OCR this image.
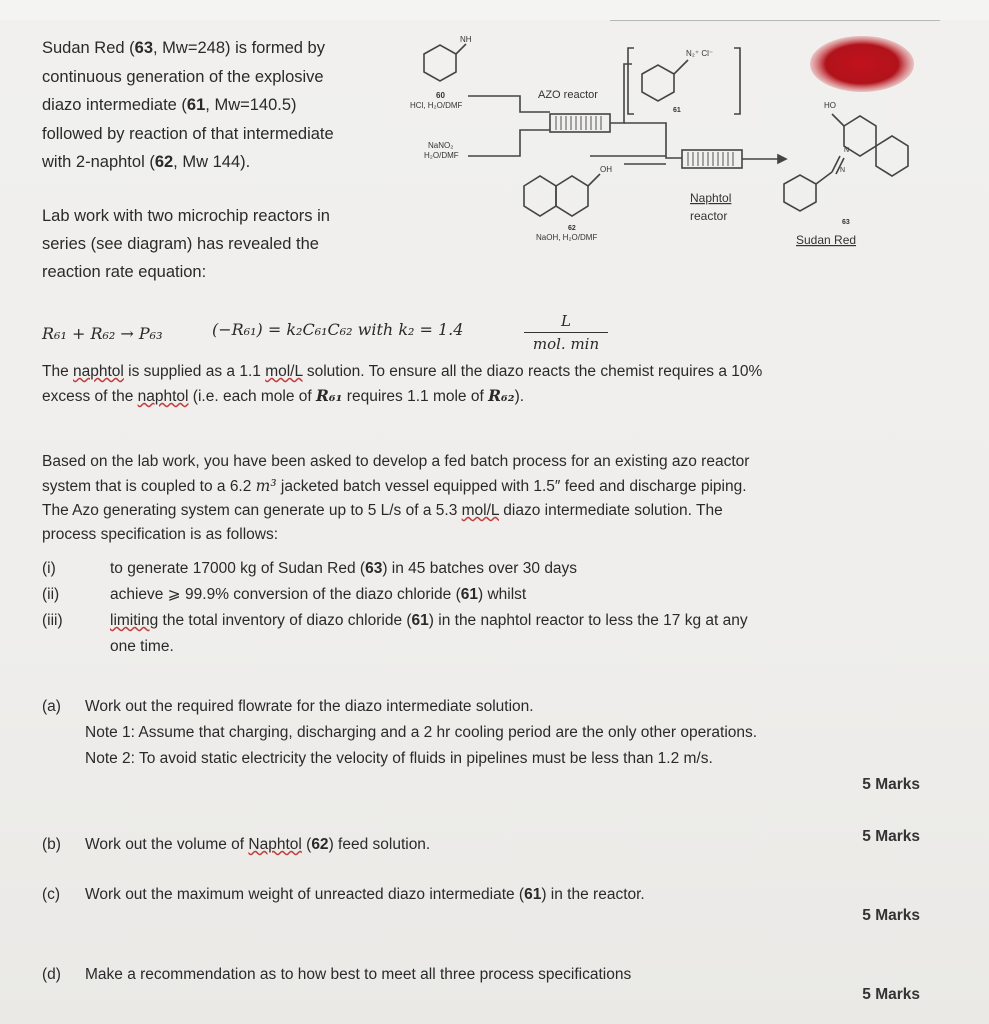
Sudan Red (63, Mw=248) is formed by
continuous generation of the explosive
diazo intermediate (61, Mw=140.5)
followed by reaction of that intermediate
with 2-naphtol (62, Mw 144).
Lab work with two microchip reactors in
series (see diagram) has revealed the
reaction rate equation:
NH
60
HCl, H₂O/DMF
NaNO₂
H₂O/DMF
AZO reactor
N₂⁺ Cl⁻
61
OH
62
NaOH, H₂O/DMF
Naphtol
reactor
HO
N
N
63
Sudan Red
R₆₁ + R₆₂ → P₆₃	(−R₆₁) = k₂C₆₁C₆₂ with k₂ = 1.4	L
mol. min
The naphtol is supplied as a 1.1 mol/L solution. To ensure all the diazo reacts the chemist requires a 10%
excess of the naphtol (i.e. each mole of R₆₁ requires 1.1 mole of R₆₂).
Based on the lab work, you have been asked to develop a fed batch process for an existing azo reactor
system that is coupled to a 6.2 m³ jacketed batch vessel equipped with 1.5″ feed and discharge piping.
The Azo generating system can generate up to 5 L/s of a 5.3 mol/L diazo intermediate solution. The
process specification is as follows:
(i)	to generate 17000 kg of Sudan Red (63) in 45 batches over 30 days
(ii)	achieve ⩾ 99.9% conversion of the diazo chloride (61) whilst
(iii)	limiting the total inventory of diazo chloride (61) in the naphtol reactor to less the 17 kg at any
one time.
(a) Work out the required flowrate for the diazo intermediate solution.
Note 1: Assume that charging, discharging and a 2 hr cooling period are the only other operations.
Note 2: To avoid static electricity the velocity of fluids in pipelines must be less than 1.2 m/s.
5 Marks
5 Marks
(b)	Work out the volume of Naphtol (62) feed solution.
(c)	Work out the maximum weight of unreacted diazo intermediate (61) in the reactor.
5 Marks
(d)	Make a recommendation as to how best to meet all three process specifications
5 Marks
